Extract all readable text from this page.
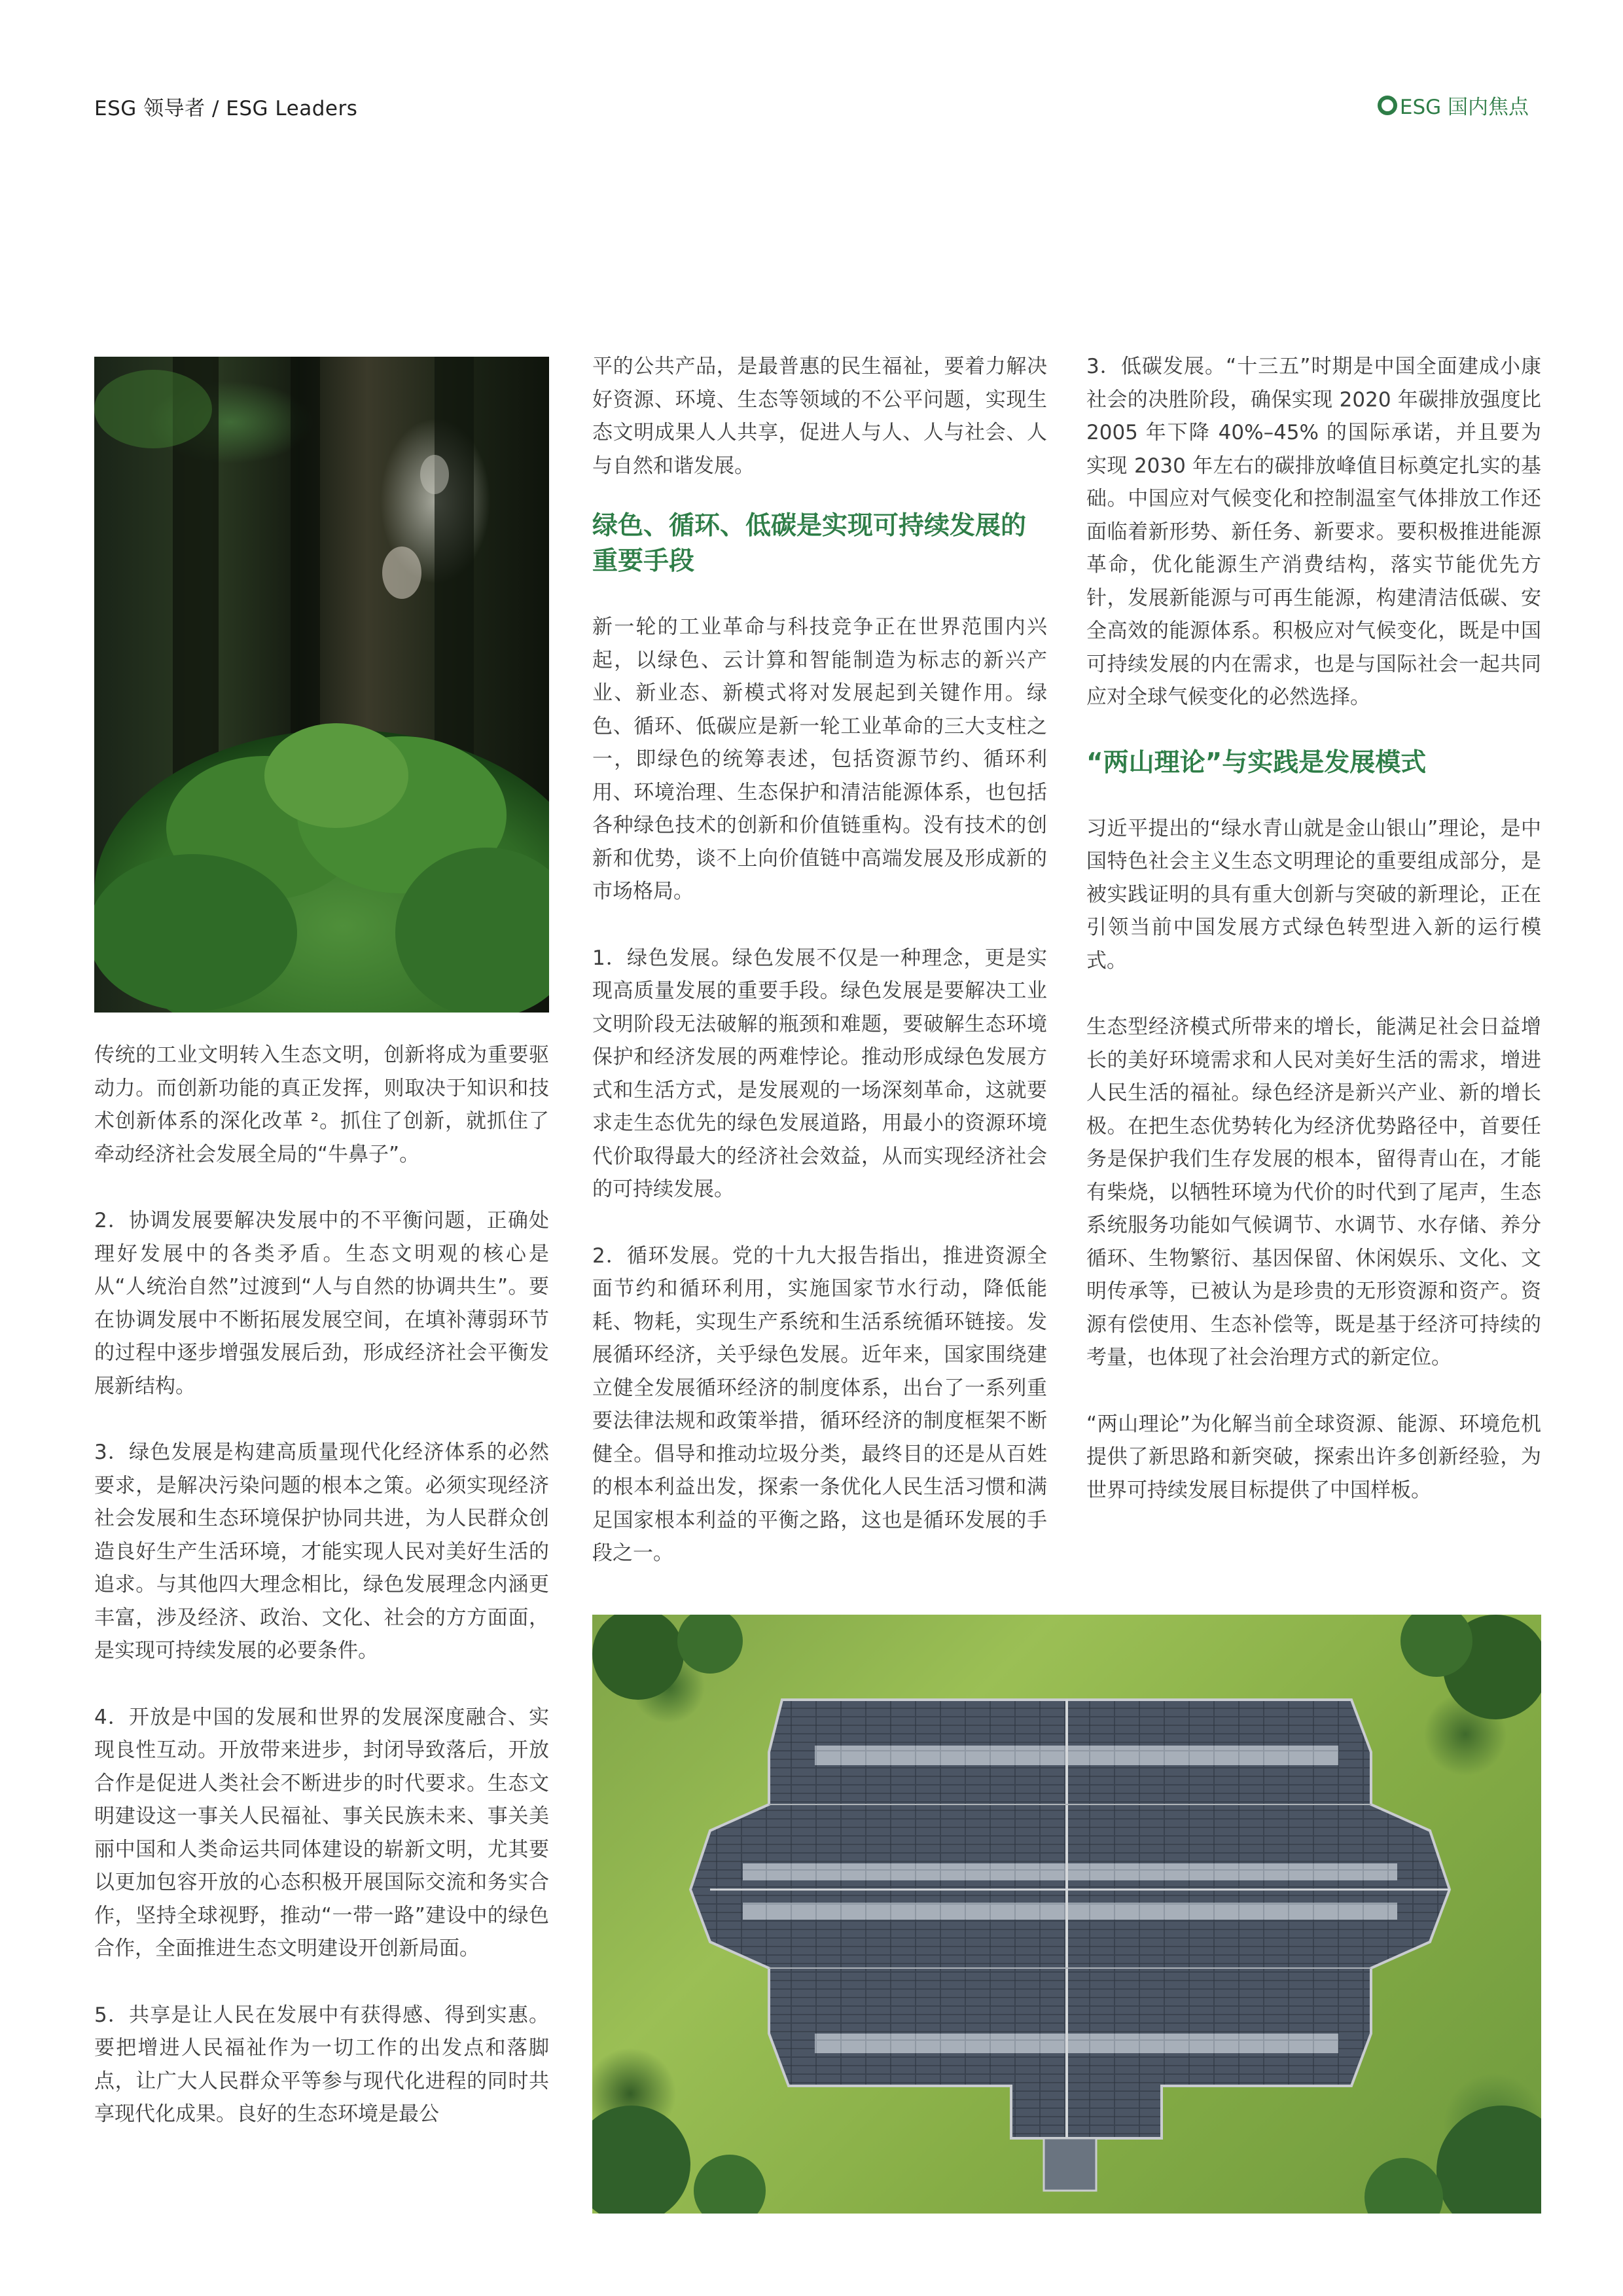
ESG 领导者 / ESG Leaders	ESG 国内焦点

传统的工业文明转入生态文明，创新将成为重要驱动力。而创新功能的真正发挥，则取决于知识和技术创新体系的深化改革 ²。抓住了创新，就抓住了牵动经济社会发展全局的“牛鼻子”。

2．协调发展要解决发展中的不平衡问题，正确处理好发展中的各类矛盾。生态文明观的核心是从“人统治自然”过渡到“人与自然的协调共生”。要在协调发展中不断拓展发展空间，在填补薄弱环节的过程中逐步增强发展后劲，形成经济社会平衡发展新结构。

3．绿色发展是构建高质量现代化经济体系的必然要求，是解决污染问题的根本之策。必须实现经济社会发展和生态环境保护协同共进，为人民群众创造良好生产生活环境，才能实现人民对美好生活的追求。与其他四大理念相比，绿色发展理念内涵更丰富，涉及经济、政治、文化、社会的方方面面，是实现可持续发展的必要条件。

4．开放是中国的发展和世界的发展深度融合、实现良性互动。开放带来进步，封闭导致落后，开放合作是促进人类社会不断进步的时代要求。生态文明建设这一事关人民福祉、事关民族未来、事关美丽中国和人类命运共同体建设的崭新文明，尤其要以更加包容开放的心态积极开展国际交流和务实合作，坚持全球视野，推动“一带一路”建设中的绿色合作，全面推进生态文明建设开创新局面。

5．共享是让人民在发展中有获得感、得到实惠。要把增进人民福祉作为一切工作的出发点和落脚点，让广大人民群众平等参与现代化进程的同时共享现代化成果。良好的生态环境是最公

平的公共产品，是最普惠的民生福祉，要着力解决好资源、环境、生态等领域的不公平问题，实现生态文明成果人人共享，促进人与人、人与社会、人与自然和谐发展。

绿色、循环、低碳是实现可持续发展的重要手段

新一轮的工业革命与科技竞争正在世界范围内兴起，以绿色、云计算和智能制造为标志的新兴产业、新业态、新模式将对发展起到关键作用。绿色、循环、低碳应是新一轮工业革命的三大支柱之一，即绿色的统筹表述，包括资源节约、循环利用、环境治理、生态保护和清洁能源体系，也包括各种绿色技术的创新和价值链重构。没有技术的创新和优势，谈不上向价值链中高端发展及形成新的市场格局。

1．绿色发展。绿色发展不仅是一种理念，更是实现高质量发展的重要手段。绿色发展是要解决工业文明阶段无法破解的瓶颈和难题，要破解生态环境保护和经济发展的两难悖论。推动形成绿色发展方式和生活方式，是发展观的一场深刻革命，这就要求走生态优先的绿色发展道路，用最小的资源环境代价取得最大的经济社会效益，从而实现经济社会的可持续发展。

2．循环发展。党的十九大报告指出，推进资源全面节约和循环利用，实施国家节水行动，降低能耗、物耗，实现生产系统和生活系统循环链接。发展循环经济，关乎绿色发展。近年来，国家围绕建立健全发展循环经济的制度体系，出台了一系列重要法律法规和政策举措，循环经济的制度框架不断健全。倡导和推动垃圾分类，最终目的还是从百姓的根本利益出发，探索一条优化人民生活习惯和满足国家根本利益的平衡之路，这也是循环发展的手段之一。

3．低碳发展。“十三五”时期是中国全面建成小康社会的决胜阶段，确保实现 2020 年碳排放强度比 2005 年下降 40%–45% 的国际承诺，并且要为实现 2030 年左右的碳排放峰值目标奠定扎实的基础。中国应对气候变化和控制温室气体排放工作还面临着新形势、新任务、新要求。要积极推进能源革命，优化能源生产消费结构，落实节能优先方针，发展新能源与可再生能源，构建清洁低碳、安全高效的能源体系。积极应对气候变化，既是中国可持续发展的内在需求，也是与国际社会一起共同应对全球气候变化的必然选择。

“两山理论”与实践是发展模式

习近平提出的“绿水青山就是金山银山”理论，是中国特色社会主义生态文明理论的重要组成部分，是被实践证明的具有重大创新与突破的新理论，正在引领当前中国发展方式绿色转型进入新的运行模式。

生态型经济模式所带来的增长，能满足社会日益增长的美好环境需求和人民对美好生活的需求，增进人民生活的福祉。绿色经济是新兴产业、新的增长极。在把生态优势转化为经济优势路径中，首要任务是保护我们生存发展的根本，留得青山在，才能有柴烧，以牺牲环境为代价的时代到了尾声，生态系统服务功能如气候调节、水调节、水存储、养分循环、生物繁衍、基因保留、休闲娱乐、文化、文明传承等，已被认为是珍贵的无形资源和资产。资源有偿使用、生态补偿等，既是基于经济可持续的考量，也体现了社会治理方式的新定位。

“两山理论”为化解当前全球资源、能源、环境危机提供了新思路和新突破，探索出许多创新经验，为世界可持续发展目标提供了中国样板。
